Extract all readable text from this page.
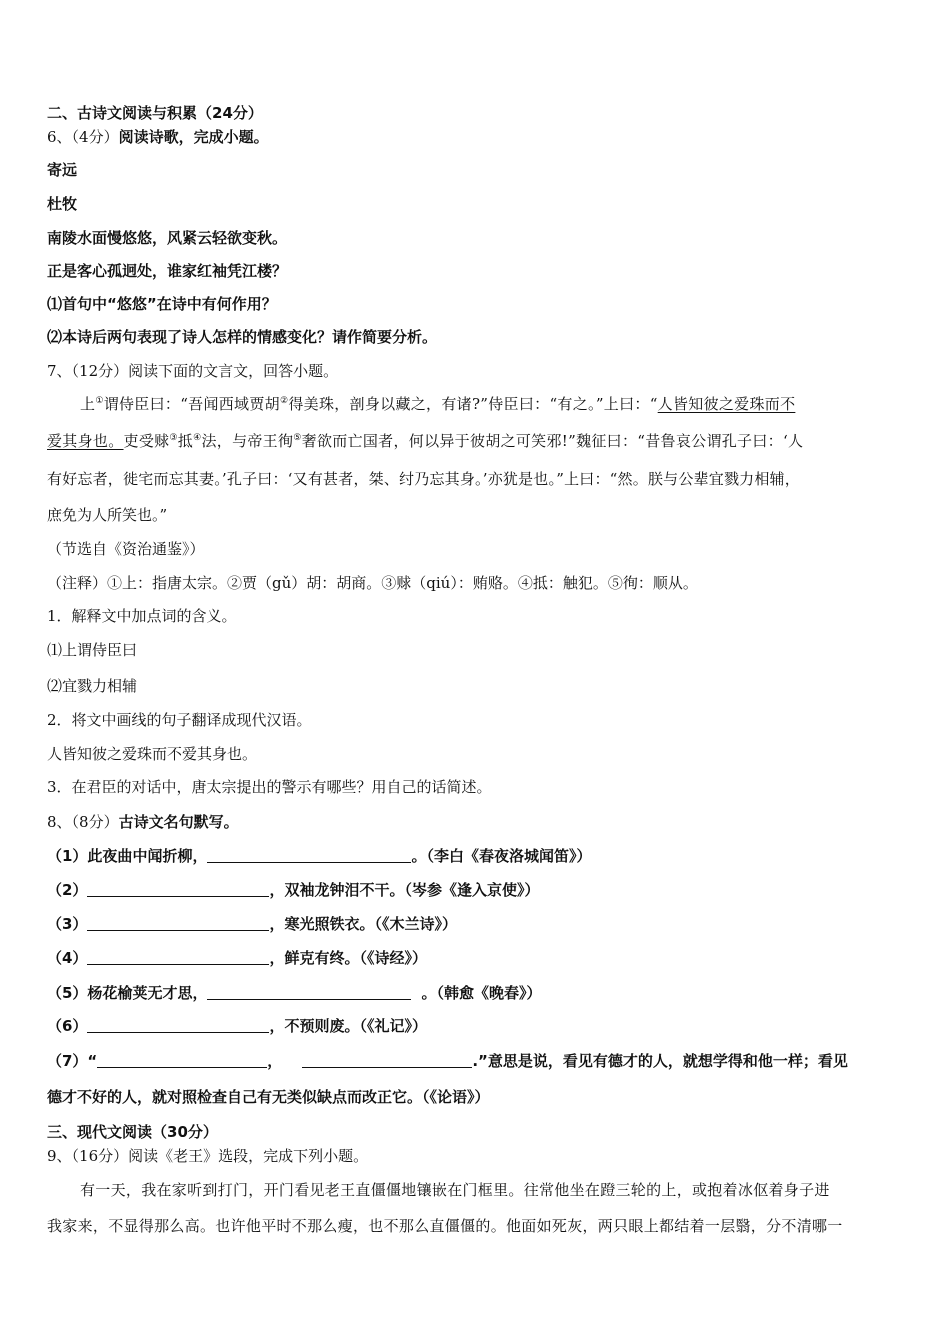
二、古诗文阅读与积累（24分）
6、（4分）阅读诗歌，完成小题。
寄远
杜牧
南陵水面慢悠悠，风紧云轻欲变秋。
正是客心孤迥处，谁家红袖凭江楼？
⑴首句中“悠悠”在诗中有何作用？
⑵本诗后两句表现了诗人怎样的情感变化？请作简要分析。
7、（12分）阅读下面的文言文，回答小题。
上①谓侍臣曰：“吾闻西域贾胡②得美珠，剖身以藏之，有诸?”侍臣曰：“有之。”上曰：“人皆知彼之爱珠而不
爱其身也。吏受赇③抵④法，与帝王徇⑤奢欲而亡国者，何以异于彼胡之可笑邪!”魏征曰：“昔鲁哀公谓孔子曰：‘人
有好忘者，徙宅而忘其妻。’孔子曰：‘又有甚者，桀、纣乃忘其身。’亦犹是也。”上曰：“然。朕与公辈宜戮力相辅，
庶免为人所笑也。”
（节选自《资治通鉴》）
（注释）①上：指唐太宗。②贾（gǔ）胡：胡商。③赇（qiú）：贿赂。④抵：触犯。⑤徇：顺从。
1．解释文中加点词的含义。
⑴上谓侍臣曰
⑵宜戮力相辅
2．将文中画线的句子翻译成现代汉语。
人皆知彼之爱珠而不爱其身也。
3．在君臣的对话中，唐太宗提出的警示有哪些？用自己的话简述。
8、（8分）古诗文名句默写。
（1）此夜曲中闻折柳，	。（李白《春夜洛城闻笛》）
（2）	，双袖龙钟泪不干。（岑参《逢入京使》）
（3）	，寒光照铁衣。（《木兰诗》）
（4）	，鲜克有终。（《诗经》）
（5）杨花榆荚无才思，	。（韩愈《晚春》）
（6）	，不预则废。（《礼记》）
（7）“	，	.”意思是说，看见有德才的人，就想学得和他一样；看见
德才不好的人，就对照检查自己有无类似缺点而改正它。（《论语》）
三、现代文阅读（30分）
9、（16分）阅读《老王》选段，完成下列小题。
有一天，我在家听到打门，开门看见老王直僵僵地镶嵌在门框里。往常他坐在蹬三轮的上，或抱着冰伛着身子进
我家来，不显得那么高。也许他平时不那么瘦，也不那么直僵僵的。他面如死灰，两只眼上都结着一层翳，分不清哪一
